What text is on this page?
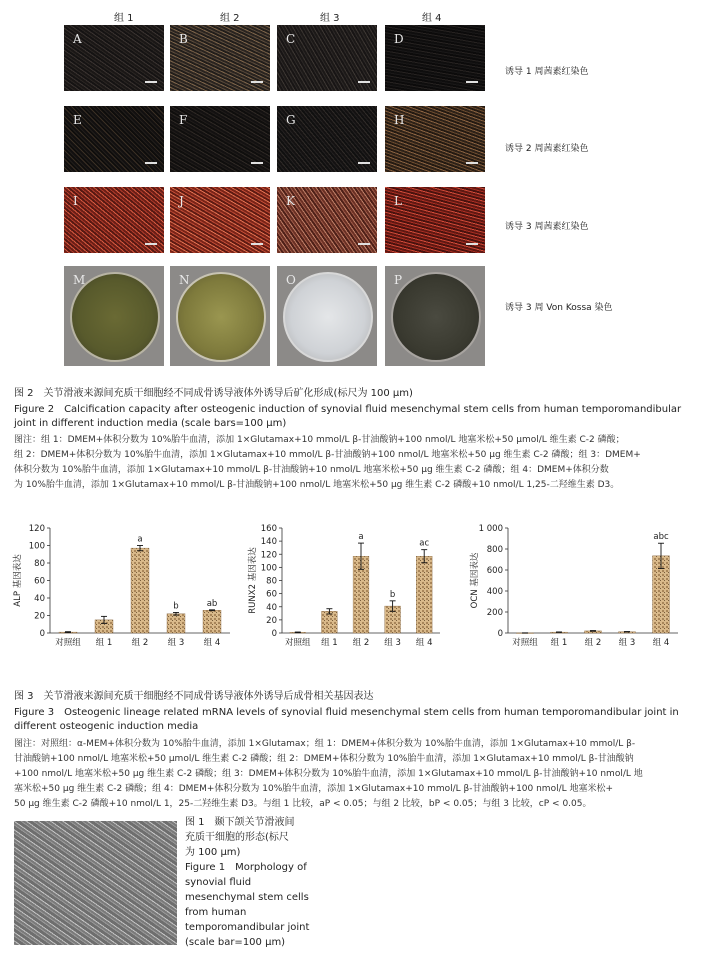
组 1	组 2	组 3	组 4
A	B	C	D
诱导 1 周茜素红染色
E	F	G	H
诱导 2 周茜素红染色
I	J	K	L
诱导 3 周茜素红染色
M	N	O	P
诱导 3 周 Von Kossa 染色
图 2　关节滑液来源间充质干细胞经不同成骨诱导液体外诱导后矿化形成(标尺为 100 μm)
Figure 2　Calcification capacity after osteogenic induction of synovial fluid mesenchymal stem cells from human temporomandibular joint in different induction media (scale bars=100 μm)
图注：组 1：DMEM+体积分数为 10%胎牛血清，添加 1×Glutamax+10 mmol/L β-甘油酸钠+100 nmol/L 地塞米松+50 μmol/L 维生素 C-2 磷酸；
组 2：DMEM+体积分数为 10%胎牛血清，添加 1×Glutamax+10 mmol/L β-甘油酸钠+100 nmol/L 地塞米松+50 μg 维生素 C-2 磷酸；组 3：DMEM+
体积分数为 10%胎牛血清，添加 1×Glutamax+10 mmol/L β-甘油酸钠+10 nmol/L 地塞米松+50 μg 维生素 C-2 磷酸；组 4：DMEM+体积分数
为 10%胎牛血清，添加 1×Glutamax+10 mmol/L β-甘油酸钠+100 nmol/L 地塞米松+50 μg 维生素 C-2 磷酸+10 nmol/L 1,25-二羟维生素 D3。
0
20
40
60
80
100
120
ALP 基因表达
对照组 组 1
a
组 2
b
组 3
ab
组 4
0
20
40
60
80
100
120
140
160
RUNX2 基因表达
对照组 组 1
a
组 2
b
组 3
ac
组 4
0
200
400
600
800
1 000
OCN 基因表达
对照组 组 1 组 2 组 3
abc
组 4
图 3　关节滑液来源间充质干细胞经不同成骨诱导液体外诱导后成骨相关基因表达
Figure 3　Osteogenic lineage related mRNA levels of synovial fluid mesenchymal stem cells from human temporomandibular joint in different osteogenic induction media
图注：对照组：α-MEM+体积分数为 10%胎牛血清，添加 1×Glutamax；组 1：DMEM+体积分数为 10%胎牛血清，添加 1×Glutamax+10 mmol/L β-
甘油酸钠+100 nmol/L 地塞米松+50 μmol/L 维生素 C-2 磷酸；组 2：DMEM+体积分数为 10%胎牛血清，添加 1×Glutamax+10 mmol/L β-甘油酸钠
+100 nmol/L 地塞米松+50 μg 维生素 C-2 磷酸；组 3：DMEM+体积分数为 10%胎牛血清，添加 1×Glutamax+10 mmol/L β-甘油酸钠+10 nmol/L 地
塞米松+50 μg 维生素 C-2 磷酸；组 4：DMEM+体积分数为 10%胎牛血清，添加 1×Glutamax+10 mmol/L β-甘油酸钠+100 nmol/L 地塞米松+
50 μg 维生素 C-2 磷酸+10 nmol/L 1，25-二羟维生素 D3。与组 1 比较，aP < 0.05；与组 2 比较，bP < 0.05；与组 3 比较，cP < 0.05。
图 1　颞下颌关节滑液间
充质干细胞的形态(标尺
为 100 μm)
Figure 1　Morphology of
synovial fluid
mesenchymal stem cells
from human
temporomandibular joint
(scale bar=100 μm)
